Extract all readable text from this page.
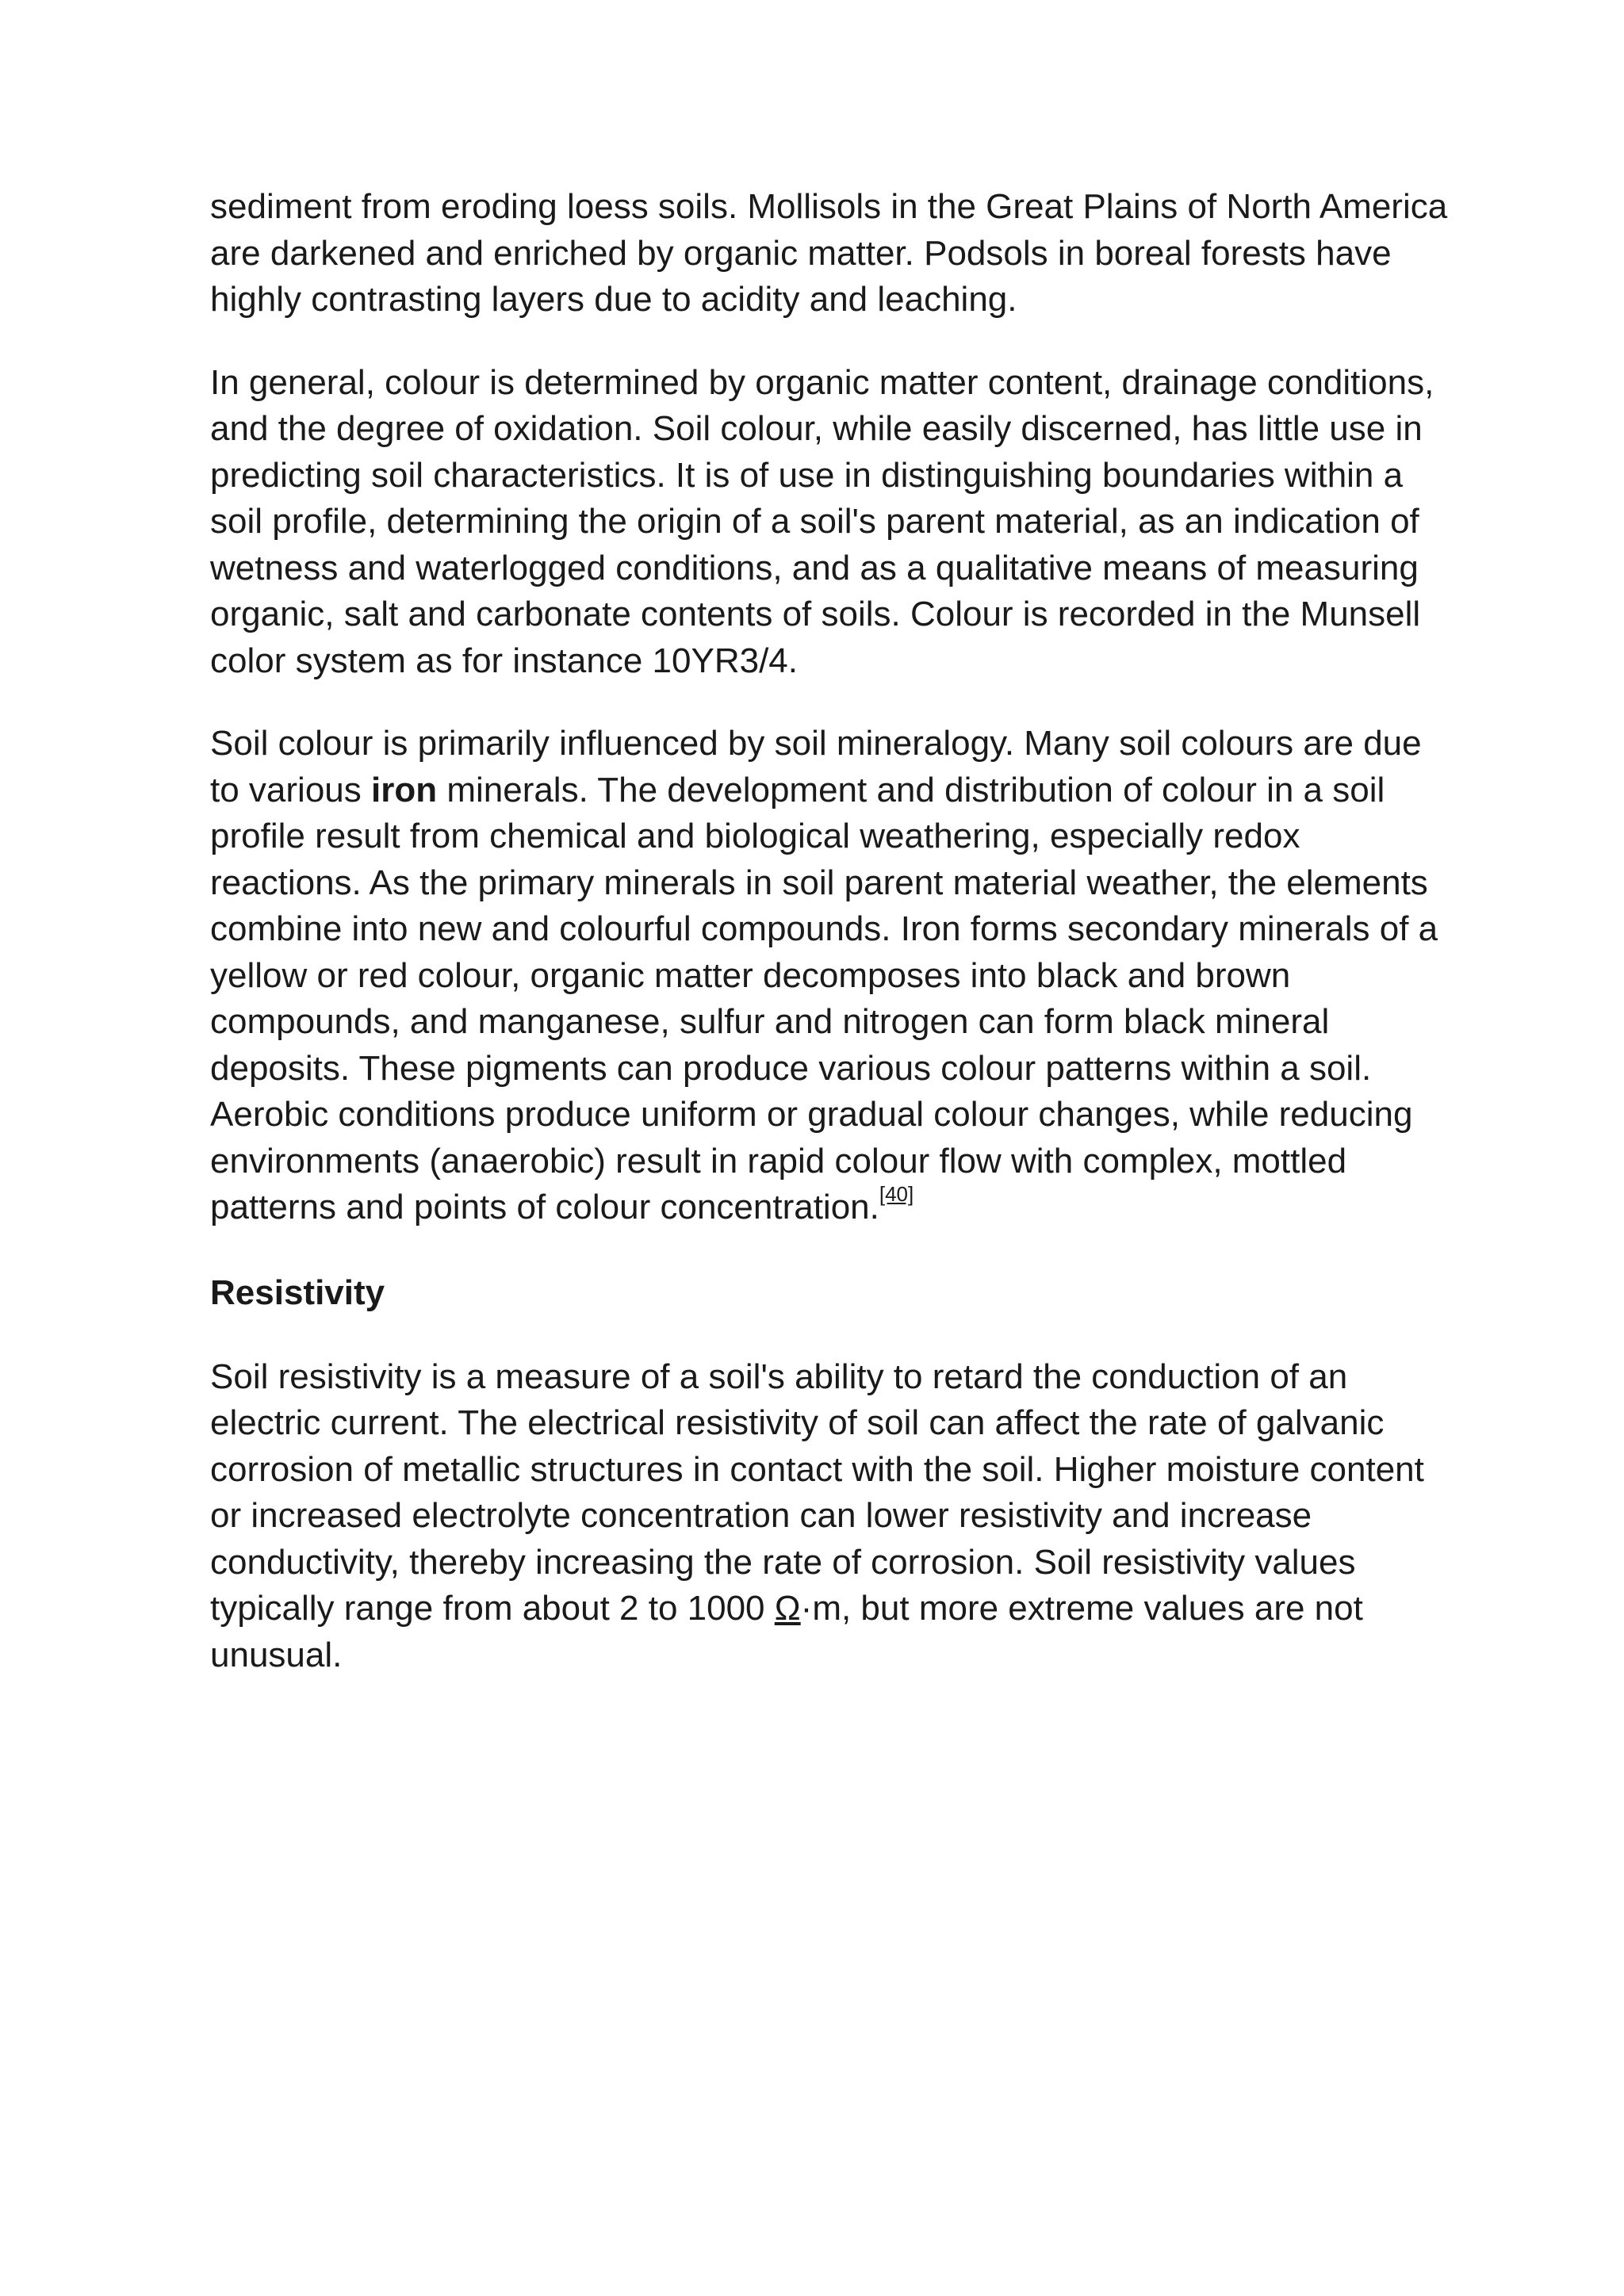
sediment from eroding loess soils. Mollisols in the Great Plains of North America
are darkened and enriched by organic matter. Podsols in boreal forests have
highly contrasting layers due to acidity and leaching.

In general, colour is determined by organic matter content, drainage conditions,
and the degree of oxidation. Soil colour, while easily discerned, has little use in
predicting soil characteristics. It is of use in distinguishing boundaries within a
soil profile, determining the origin of a soil's parent material, as an indication of
wetness and waterlogged conditions, and as a qualitative means of measuring
organic, salt and carbonate contents of soils. Colour is recorded in the Munsell
color system as for instance 10YR3/4.

Soil colour is primarily influenced by soil mineralogy. Many soil colours are due
to various iron minerals. The development and distribution of colour in a soil
profile result from chemical and biological weathering, especially redox
reactions. As the primary minerals in soil parent material weather, the elements
combine into new and colourful compounds. Iron forms secondary minerals of a
yellow or red colour, organic matter decomposes into black and brown
compounds, and manganese, sulfur and nitrogen can form black mineral
deposits. These pigments can produce various colour patterns within a soil.
Aerobic conditions produce uniform or gradual colour changes, while reducing
environments (anaerobic) result in rapid colour flow with complex, mottled
patterns and points of colour concentration.[40]

Resistivity

Soil resistivity is a measure of a soil's ability to retard the conduction of an
electric current. The electrical resistivity of soil can affect the rate of galvanic
corrosion of metallic structures in contact with the soil. Higher moisture content
or increased electrolyte concentration can lower resistivity and increase
conductivity, thereby increasing the rate of corrosion. Soil resistivity values
typically range from about 2 to 1000 Ω·m, but more extreme values are not
unusual.
